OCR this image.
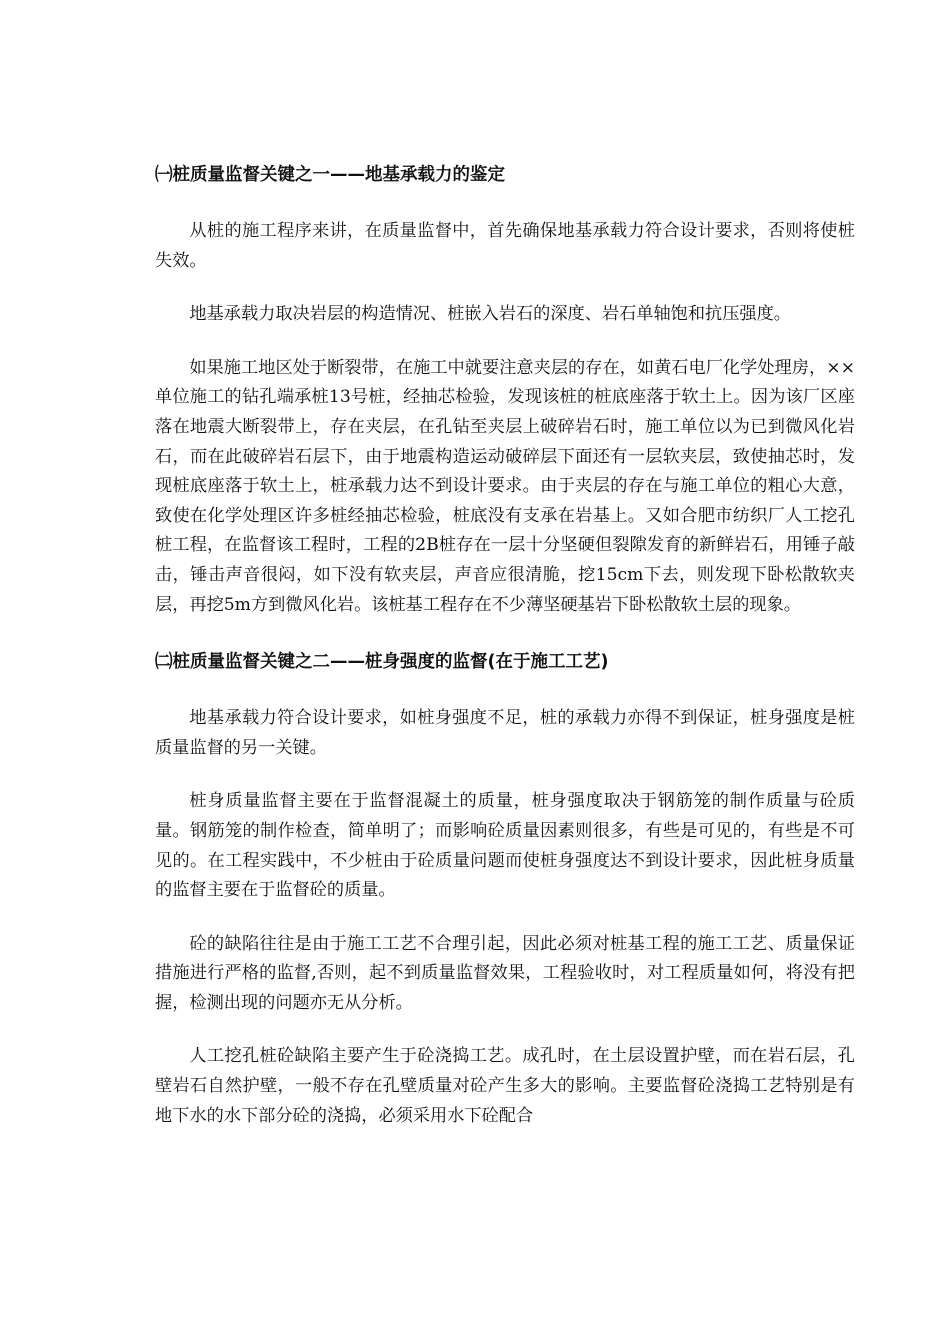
㈠桩质量监督关键之一——地基承载力的鉴定

从桩的施工程序来讲，在质量监督中，首先确保地基承载力符合设计要求，否则将使桩失效。

地基承载力取决岩层的构造情况、桩嵌入岩石的深度、岩石单轴饱和抗压强度。

如果施工地区处于断裂带，在施工中就要注意夹层的存在，如黄石电厂化学处理房，××单位施工的钻孔端承桩13号桩，经抽芯检验，发现该桩的桩底座落于软土上。因为该厂区座落在地震大断裂带上，存在夹层，在孔钻至夹层上破碎岩石时，施工单位以为已到微风化岩石，而在此破碎岩石层下，由于地震构造运动破碎层下面还有一层软夹层，致使抽芯时，发现桩底座落于软土上，桩承载力达不到设计要求。由于夹层的存在与施工单位的粗心大意，致使在化学处理区许多桩经抽芯检验，桩底没有支承在岩基上。又如合肥市纺织厂人工挖孔桩工程，在监督该工程时，工程的2B桩存在一层十分坚硬但裂隙发育的新鲜岩石，用锤子敲击，锤击声音很闷，如下没有软夹层，声音应很清脆，挖15cm下去，则发现下卧松散软夹层，再挖5m方到微风化岩。该桩基工程存在不少薄坚硬基岩下卧松散软土层的现象。

㈡桩质量监督关键之二——桩身强度的监督(在于施工工艺)

地基承载力符合设计要求，如桩身强度不足，桩的承载力亦得不到保证，桩身强度是桩质量监督的另一关键。

桩身质量监督主要在于监督混凝土的质量，桩身强度取决于钢筋笼的制作质量与砼质量。钢筋笼的制作检查，简单明了；而影响砼质量因素则很多，有些是可见的，有些是不可见的。在工程实践中，不少桩由于砼质量问题而使桩身强度达不到设计要求，因此桩身质量的监督主要在于监督砼的质量。

砼的缺陷往往是由于施工工艺不合理引起，因此必须对桩基工程的施工工艺、质量保证措施进行严格的监督,否则，起不到质量监督效果，工程验收时，对工程质量如何，将没有把握，检测出现的问题亦无从分析。

人工挖孔桩砼缺陷主要产生于砼浇捣工艺。成孔时，在土层设置护壁，而在岩石层，孔壁岩石自然护壁，一般不存在孔壁质量对砼产生多大的影响。主要监督砼浇捣工艺特别是有地下水的水下部分砼的浇捣，必须采用水下砼配合
